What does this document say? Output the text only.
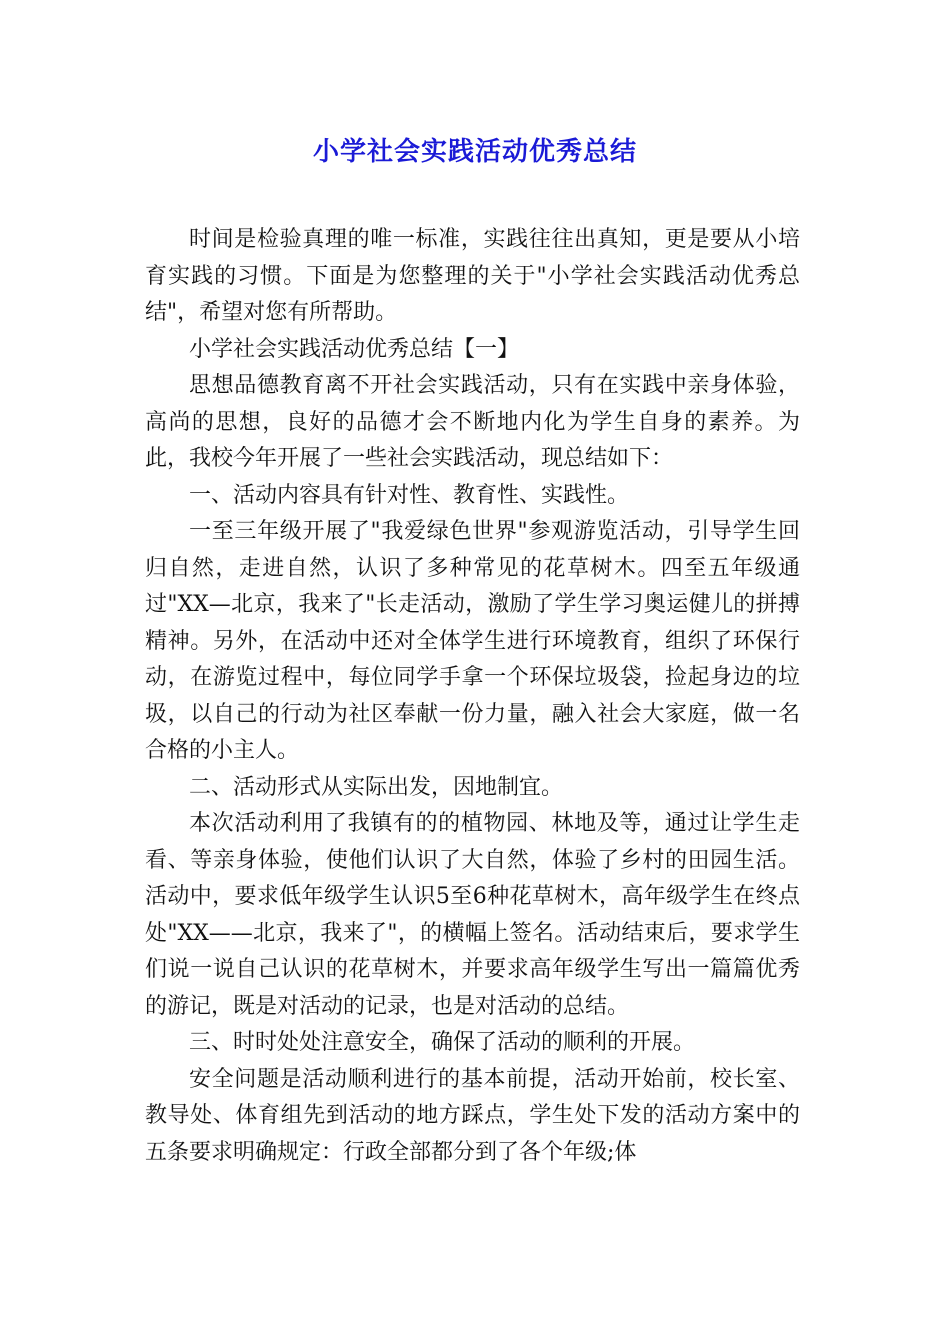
小学社会实践活动优秀总结

时间是检验真理的唯一标准，实践往往出真知，更是要从小培育实践的习惯。下面是为您整理的关于"小学社会实践活动优秀总结"，希望对您有所帮助。

小学社会实践活动优秀总结【一】

思想品德教育离不开社会实践活动，只有在实践中亲身体验，高尚的思想，良好的品德才会不断地内化为学生自身的素养。为此，我校今年开展了一些社会实践活动，现总结如下：

一、活动内容具有针对性、教育性、实践性。

一至三年级开展了"我爱绿色世界"参观游览活动，引导学生回归自然，走进自然，认识了多种常见的花草树木。四至五年级通过"XX—北京，我来了"长走活动，激励了学生学习奥运健儿的拼搏精神。另外，在活动中还对全体学生进行环境教育，组织了环保行动，在游览过程中，每位同学手拿一个环保垃圾袋，捡起身边的垃圾，以自己的行动为社区奉献一份力量，融入社会大家庭，做一名合格的小主人。

二、活动形式从实际出发，因地制宜。

本次活动利用了我镇有的的植物园、林地及等，通过让学生走看、等亲身体验，使他们认识了大自然，体验了乡村的田园生活。活动中，要求低年级学生认识5至6种花草树木，高年级学生在终点处"XX——北京，我来了"，的横幅上签名。活动结束后，要求学生们说一说自己认识的花草树木，并要求高年级学生写出一篇篇优秀的游记，既是对活动的记录，也是对活动的总结。

三、时时处处注意安全，确保了活动的顺利的开展。

安全问题是活动顺利进行的基本前提，活动开始前，校长室、教导处、体育组先到活动的地方踩点，学生处下发的活动方案中的五条要求明确规定：行政全部都分到了各个年级;体
